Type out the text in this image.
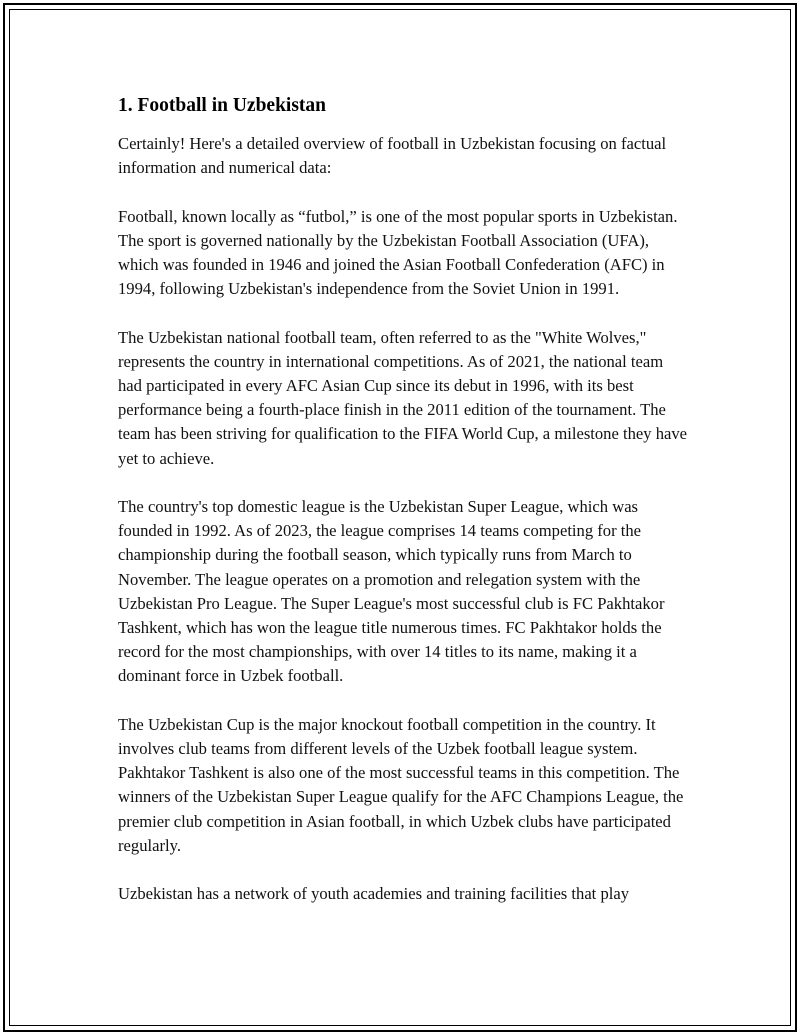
1. Football in Uzbekistan

Certainly! Here's a detailed overview of football in Uzbekistan focusing on factual information and numerical data:

Football, known locally as “futbol,” is one of the most popular sports in Uzbekistan. The sport is governed nationally by the Uzbekistan Football Association (UFA), which was founded in 1946 and joined the Asian Football Confederation (AFC) in 1994, following Uzbekistan's independence from the Soviet Union in 1991.

The Uzbekistan national football team, often referred to as the "White Wolves," represents the country in international competitions. As of 2021, the national team had participated in every AFC Asian Cup since its debut in 1996, with its best performance being a fourth-place finish in the 2011 edition of the tournament. The team has been striving for qualification to the FIFA World Cup, a milestone they have yet to achieve.

The country's top domestic league is the Uzbekistan Super League, which was founded in 1992. As of 2023, the league comprises 14 teams competing for the championship during the football season, which typically runs from March to November. The league operates on a promotion and relegation system with the Uzbekistan Pro League. The Super League's most successful club is FC Pakhtakor Tashkent, which has won the league title numerous times. FC Pakhtakor holds the record for the most championships, with over 14 titles to its name, making it a dominant force in Uzbek football.

The Uzbekistan Cup is the major knockout football competition in the country. It involves club teams from different levels of the Uzbek football league system. Pakhtakor Tashkent is also one of the most successful teams in this competition. The winners of the Uzbekistan Super League qualify for the AFC Champions League, the premier club competition in Asian football, in which Uzbek clubs have participated regularly.

Uzbekistan has a network of youth academies and training facilities that play
